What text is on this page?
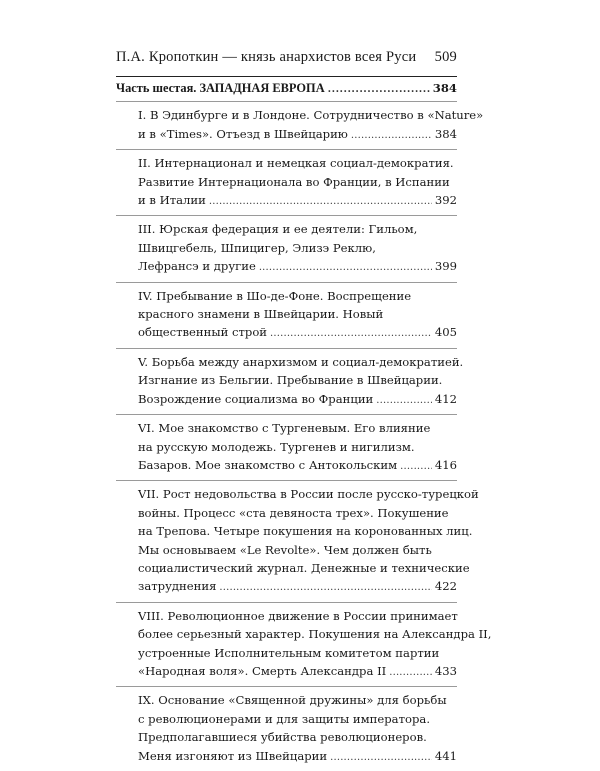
П.А. Кропоткин — князь анархистов всея Руси 509
Часть шестая. ЗАПАДНАЯ ЕВРОПА . . .	384
I. В Эдинбурге и в Лондоне. Сотрудничество в «Nature»
и в «Times». Отъезд в Швейцарию . . .	384
II. Интернационал и немецкая социал-демократия.
Развитие Интернационала во Франции, в Испании
и в Италии . . .	392
III. Юрская федерация и ее деятели: Гильом,
Швицгебель, Шпицигер, Элизэ Реклю,
Лефрансэ и другие . . .	399
IV. Пребывание в Шо-де-Фоне. Воспрещение
красного знамени в Швейцарии. Новый
общественный строй . . .	405
V. Борьба между анархизмом и социал-демократией.
Изгнание из Бельгии. Пребывание в Швейцарии.
Возрождение социализма во Франции . . .	412
VI. Мое знакомство с Тургеневым. Его влияние
на русскую молодежь. Тургенев и нигилизм.
Базаров. Мое знакомство с Антокольским . . .	416
VII. Рост недовольства в России после русско-турецкой
войны. Процесс «ста девяноста трех». Покушение
на Трепова. Четыре покушения на коронованных лиц.
Мы основываем «Le Revolte». Чем должен быть
социалистический журнал. Денежные и технические
затруднения . . .	422
VIII. Революционное движение в России принимает
более серьезный характер. Покушения на Александра II,
устроенные Исполнительным комитетом партии
«Народная воля». Смерть Александра II . . .	433
IX. Основание «Священной дружины» для борьбы
с революционерами и для защиты императора.
Предполагавшиеся убийства революционеров.
Меня изгоняют из Швейцарии . . .	441
